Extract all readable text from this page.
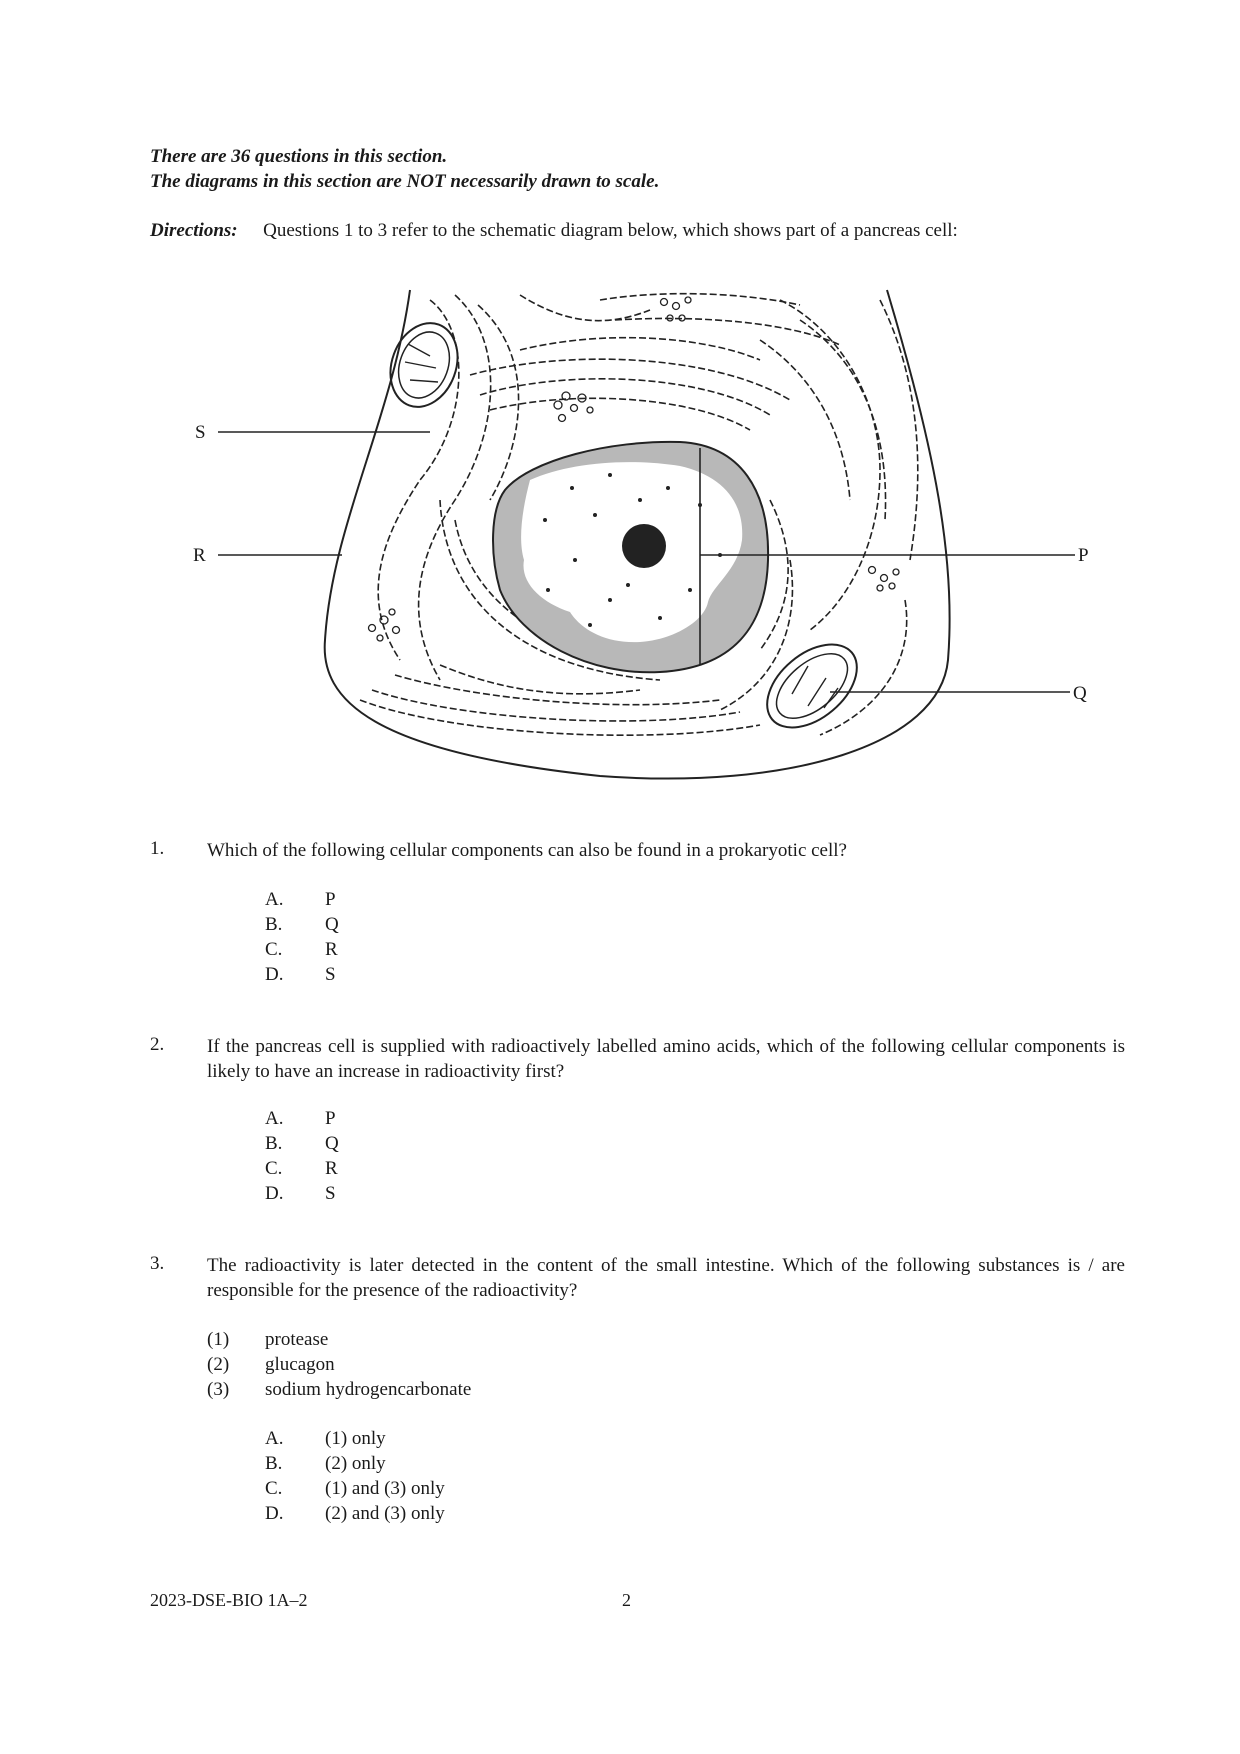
There are 36 questions in this section.
The diagrams in this section are NOT necessarily drawn to scale.
Directions: Questions 1 to 3 refer to the schematic diagram below, which shows part of a pancreas cell:
S
R	P
Q
1. Which of the following cellular components can also be found in a prokaryotic cell?
A.	P
B.	Q
C.	R
D.	S
2. If the pancreas cell is supplied with radioactively labelled amino acids, which of the following cellular components is likely to have an increase in radioactivity first?
A.	P
B.	Q
C.	R
D.	S
3. The radioactivity is later detected in the content of the small intestine. Which of the following substances is / are responsible for the presence of the radioactivity?
(1)	protease
(2)	glucagon
(3)	sodium hydrogencarbonate
A.	(1) only
B.	(2) only
C.	(1) and (3) only
D.	(2) and (3) only
2023-DSE-BIO 1A–2	2
